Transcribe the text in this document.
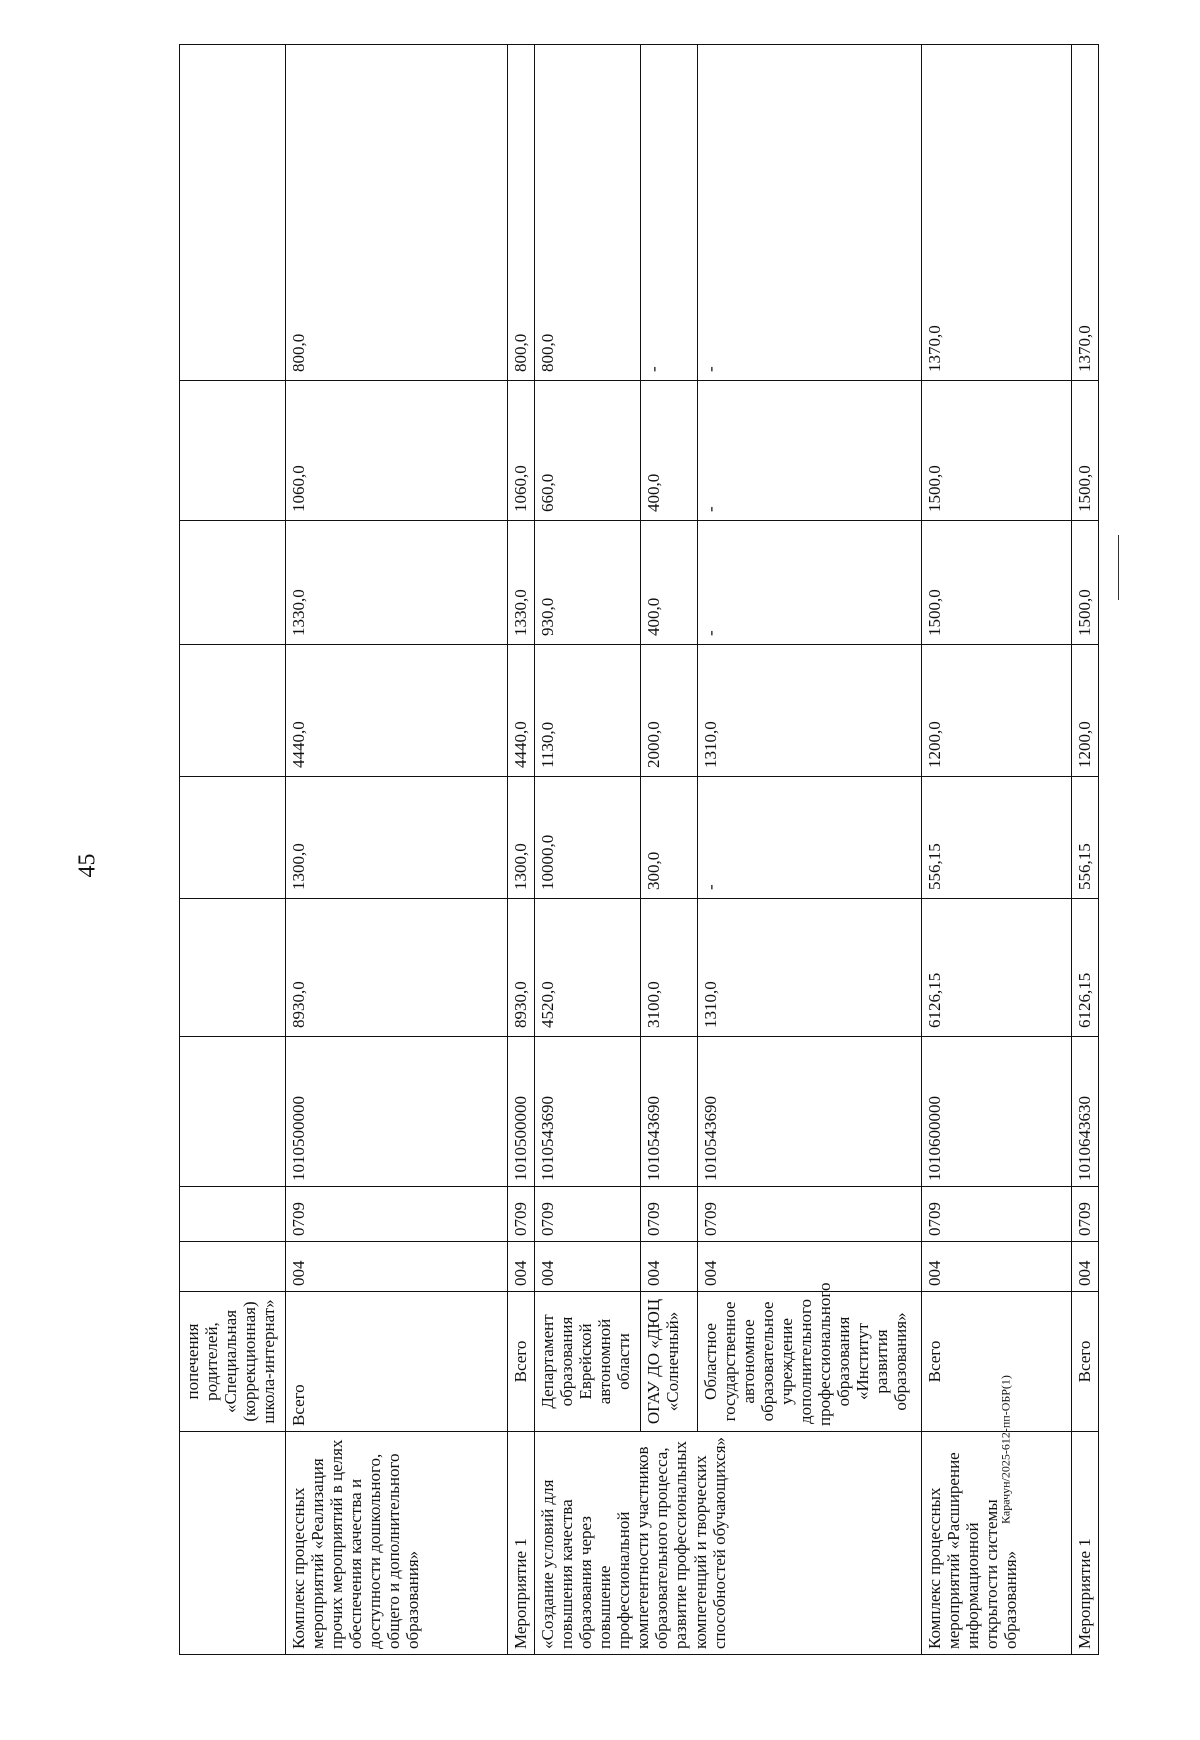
45
	попечения родителей, «Специальная (коррекционная) школа-интернат»									
Комплекс процессных мероприятий «Реализация прочих мероприятий в целях обеспечения качества и доступности дошкольного, общего и дополнительного образования»	Всего	004	0709	1010500000	8930,0	1300,0	4440,0	1330,0	1060,0	800,0
Мероприятие 1	Всего	004	0709	1010500000	8930,0	1300,0	4440,0	1330,0	1060,0	800,0
«Создание условий для повышения качества образования через повышение профессиональной компетентности участников образовательного процесса, развитие профессиональных компетенций и творческих способностей обучающихся»	Департамент образования Еврейской автономной области	004	0709	1010543690	4520,0	10000,0	1130,0	930,0	660,0	800,0
	ОГАУ ДО «ДЮЦ «Солнечный»	004	0709	1010543690	3100,0	300,0	2000,0	400,0	400,0	-
	Областное государственное автономное образовательное учреждение дополнительного профессионального образования «Институт развития образования»	004	0709	1010543690	1310,0	-	1310,0	-	-	-
Комплекс процессных мероприятий «Расширение информационной открытости системы образования»	Всего	004	0709	1010600000	6126,15	556,15	1200,0	1500,0	1500,0	1370,0
Мероприятие 1	Всего	004	0709	1010643630	6126,15	556,15	1200,0	1500,0	1500,0	1370,0
Карачун/2025-612-пп-ОБР(1)
